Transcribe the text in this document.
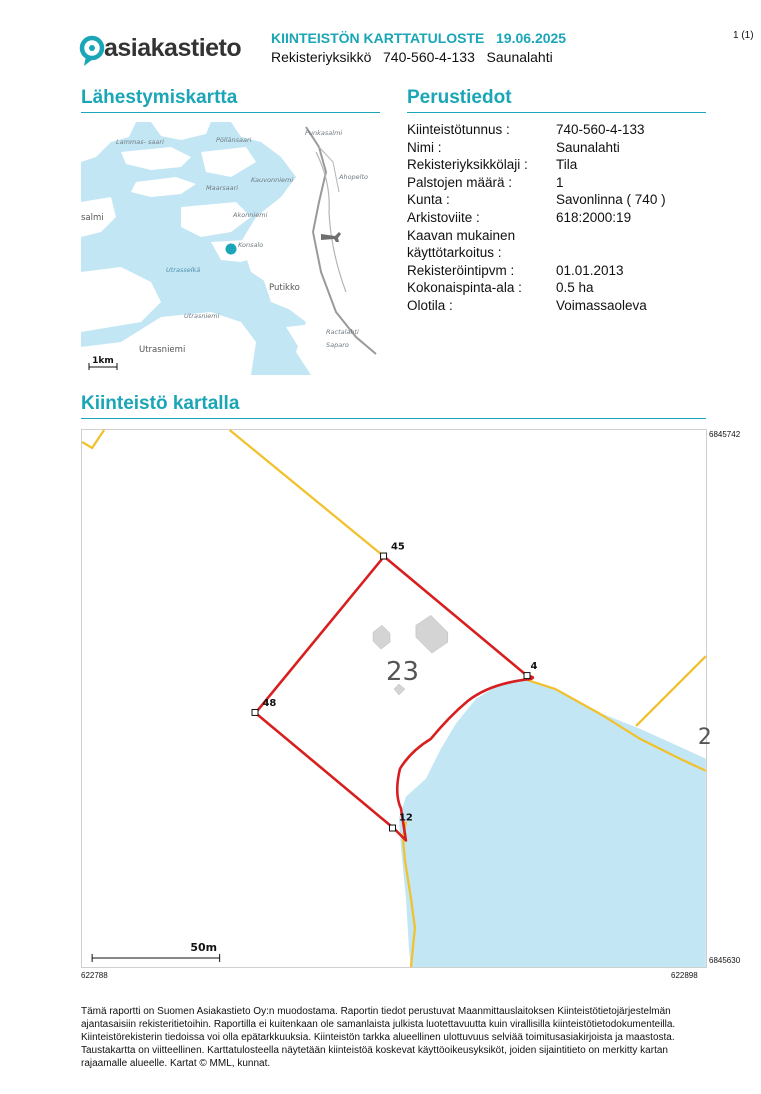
asiakastieto KIINTEISTÖN KARTTATULOSTE   19.06.2025
Rekisteriyksikkö   740-560-4-133   Saunalahti
1 (1)
Lähestymiskartta	Perustiedot
Punkasalmi
Lammas- saari	Pöllänsaari
Kauvonniemi	Ahopelto
Maarsaari
Akonniemi
Konsalo
Utrasselkä
Utrasniemi
Ractalahti
Saparo
salmi
Putikko
Utrasniemi
1km
Kiinteistötunnus :	740-560-4-133
Nimi :	Saunalahti
Rekisteriyksikkölaji :	Tila
Palstojen määrä :	1
Kunta :	Savonlinna ( 740 )
Arkistoviite :	618:2000:19
Kaavan mukainen	
käyttötarkoitus :	
Rekisteröintipvm :	01.01.2013
Kokonaispinta-ala :	0.5 ha
Olotila :	Voimassaoleva
Kiinteistö kartalla
45
4
48
12
23
2
50m
6845742
6845630
622788	622898
Tämä raportti on Suomen Asiakastieto Oy:n muodostama. Raportin tiedot perustuvat Maanmittauslaitoksen Kiinteistötietojärjestelmän ajantasaisiin rekisteritietoihin. Raportilla ei kuitenkaan ole samanlaista julkista luotettavuutta kuin virallisilla kiinteistötietodokumenteilla. Kiinteistörekisterin tiedoissa voi olla epätarkkuuksia. Kiinteistön tarkka alueellinen ulottuvuus selviää toimitusasiakirjoista ja maastosta. Taustakartta on viitteellinen. Karttatulosteella näytetään kiinteistöä koskevat käyttöoikeusyksiköt, joiden sijaintitieto on merkitty kartan rajaamalle alueelle. Kartat © MML, kunnat.
